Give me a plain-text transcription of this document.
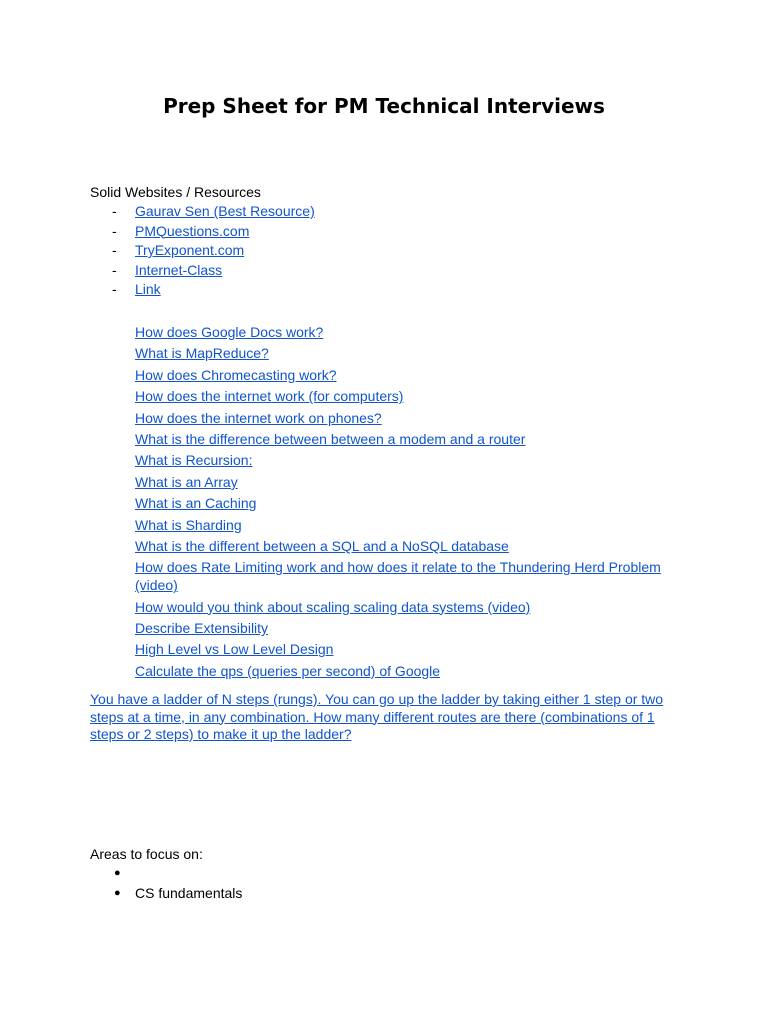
Prep Sheet for PM Technical Interviews
Solid Websites / Resources
- Gaurav Sen (Best Resource)
- PMQuestions.com
- TryExponent.com
- Internet-Class
- Link
How does Google Docs work?
What is MapReduce?
How does Chromecasting work?
How does the internet work (for computers)
How does the internet work on phones?
What is the difference between between a modem and a router
What is Recursion:
What is an Array
What is an Caching
What is Sharding
What is the different between a SQL and a NoSQL database
How does Rate Limiting work and how does it relate to the Thundering Herd Problem (video)
How would you think about scaling scaling data systems (video)
Describe Extensibility
High Level vs Low Level Design
Calculate the qps (queries per second) of Google
You have a ladder of N steps (rungs). You can go up the ladder by taking either 1 step or two steps at a time, in any combination. How many different routes are there (combinations of 1 steps or 2 steps) to make it up the ladder?
Areas to focus on:
●
● CS fundamentals
